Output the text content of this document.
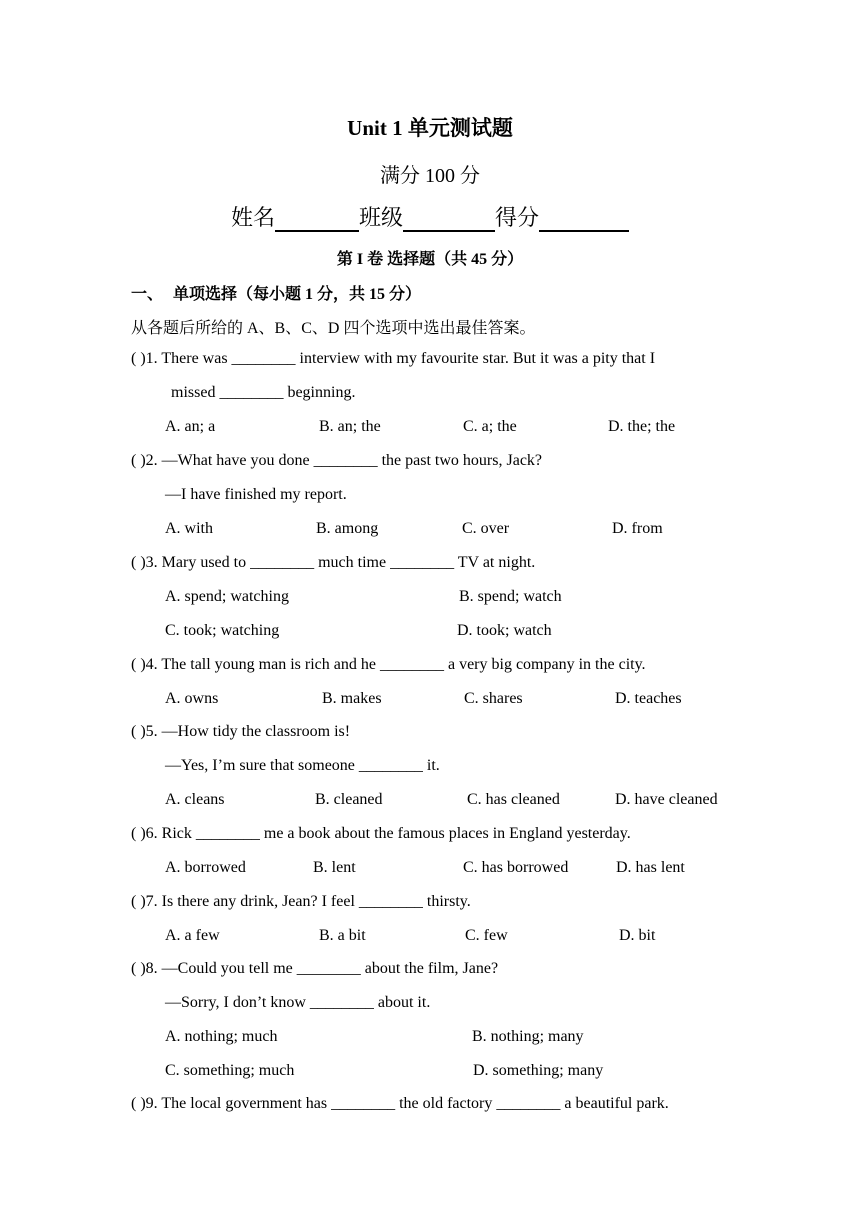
Unit 1 单元测试题
满分 100 分
姓名	班级	得分
第 I 卷 选择题（共 45 分）
一、 单项选择（每小题 1 分，共 15 分）
从各题后所给的 A、B、C、D 四个选项中选出最佳答案。
( )1. There was ________ interview with my favourite star. But it was a pity that I
missed ________ beginning.
A. an; a	B. an; the	C. a; the	D. the; the
( )2. —What have you done ________ the past two hours, Jack?
—I have finished my report.
A. with	B. among	C. over	D. from
( )3. Mary used to ________ much time ________ TV at night.
A. spend; watching	B. spend; watch
C. took; watching	D. took; watch
( )4. The tall young man is rich and he ________ a very big company in the city.
A. owns	B. makes	C. shares	D. teaches
( )5. —How tidy the classroom is!
—Yes, I’m sure that someone ________ it.
A. cleans	B. cleaned	C. has cleaned	D. have cleaned
( )6. Rick ________ me a book about the famous places in England yesterday.
A. borrowed	B. lent	C. has borrowed	D. has lent
( )7. Is there any drink, Jean? I feel ________ thirsty.
A. a few	B. a bit	C. few	D. bit
( )8. —Could you tell me ________ about the film, Jane?
—Sorry, I don’t know ________ about it.
A. nothing; much	B. nothing; many
C. something; much	D. something; many
( )9. The local government has ________ the old factory ________ a beautiful park.
